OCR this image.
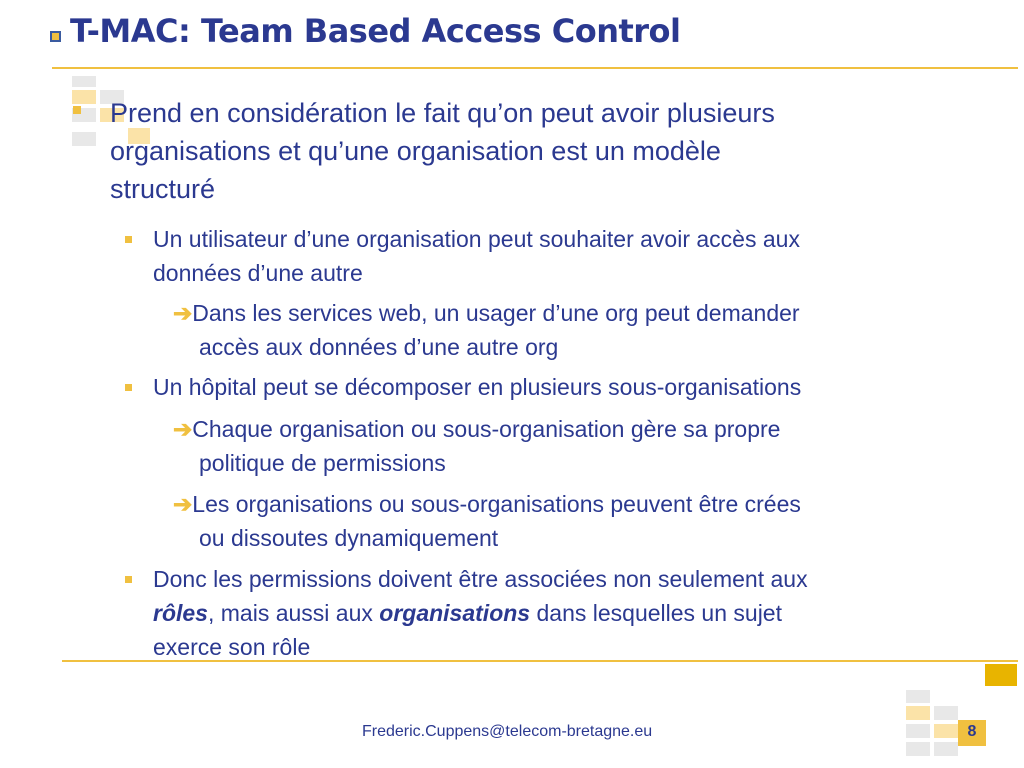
T-MAC: Team Based Access Control
Prend en considération le fait qu’on peut avoir plusieurs
organisations et qu’une organisation est un modèle
structuré
Un utilisateur d’une organisation peut souhaiter avoir accès aux
données d’une autre
➔Dans les services web, un usager d’une org peut demander
accès aux données d’une autre org
Un hôpital peut se décomposer en plusieurs sous-organisations
➔Chaque organisation ou sous-organisation gère sa propre
politique de permissions
➔Les organisations ou sous-organisations peuvent être crées
ou dissoutes dynamiquement
Donc les permissions doivent être associées non seulement aux
rôles, mais aussi aux organisations dans lesquelles un sujet
exerce son rôle
Frederic.Cuppens@telecom-bretagne.eu	8
